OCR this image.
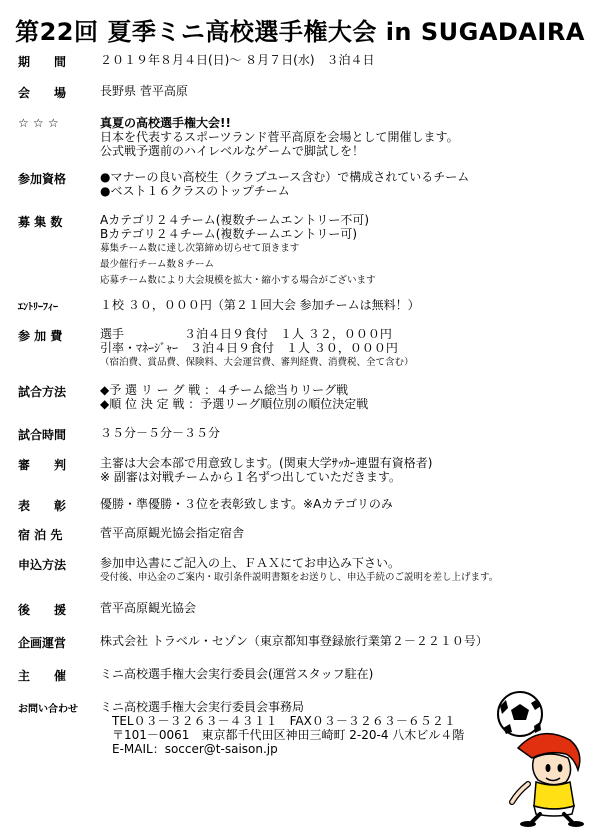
第22回 夏季ミニ高校選手権大会 in SUGADAIRA
期　　間	２０１９年８月４日(日)～ ８月７日(水)　３泊４日
会　　場	長野県 菅平高原
☆ ☆ ☆	真夏の高校選手権大会!!
日本を代表するスポーツランド菅平高原を会場として開催します。
公式戦予選前のハイレベルなゲームで脚試しを！
参加資格	●マナーの良い高校生（クラブユース含む）で構成されているチーム
●ベスト１６クラスのトップチーム
募 集 数	Aカテゴリ２４チーム(複数チームエントリー不可)
Bカテゴリ２４チーム(複数チームエントリー可)
募集チーム数に達し次第締め切らせて頂きます
最少催行チーム数８チーム
応募チーム数により大会規模を拡大・縮小する場合がございます
ｴﾝﾄﾘｰﾌｨｰ	１校 ３０，０００円（第２１回大会 参加チームは無料！）
参 加 費	選手　　　　　３泊４日９食付　１人 ３２，０００円
引率・ﾏﾈｰｼﾞｬｰ　３泊４日９食付　１人 ３０，０００円
（宿泊費、賞品費、保険料、大会運営費、審判経費、消費税、全て含む）
試合方法	◆予 選 リ ー グ 戦 ：４チーム総当りリーグ戦
◆順 位 決 定 戦 ：予選リーグ順位別の順位決定戦
試合時間	３５分－５分－３５分
審　　判	主審は大会本部で用意致します。(関東大学ｻｯｶｰ連盟有資格者)
※ 副審は対戦チームから１名ずつ出していただきます。
表　　彰	優勝・準優勝・３位を表彰致します。※Aカテゴリのみ
宿 泊 先	菅平高原観光協会指定宿舎
申込方法	参加申込書にご記入の上、ＦＡＸにてお申込み下さい。
受付後、申込金のご案内・取引条件説明書類をお送りし、申込手続のご説明を差し上げます。
後　　援	菅平高原観光協会
企画運営	株式会社 トラベル・セゾン（東京都知事登録旅行業第２－２２１０号）
主　　催	ミニ高校選手権大会実行委員会(運営スタッフ駐在)
お問い合わせ	ミニ高校選手権大会実行委員会事務局
　TEL０３－３２６３－４３１１　FAX０３－３２６３－６５２１
　〒101－0061　東京都千代田区神田三崎町 2-20-4 八木ビル４階
　E-MAIL：soccer@t-saison.jp
